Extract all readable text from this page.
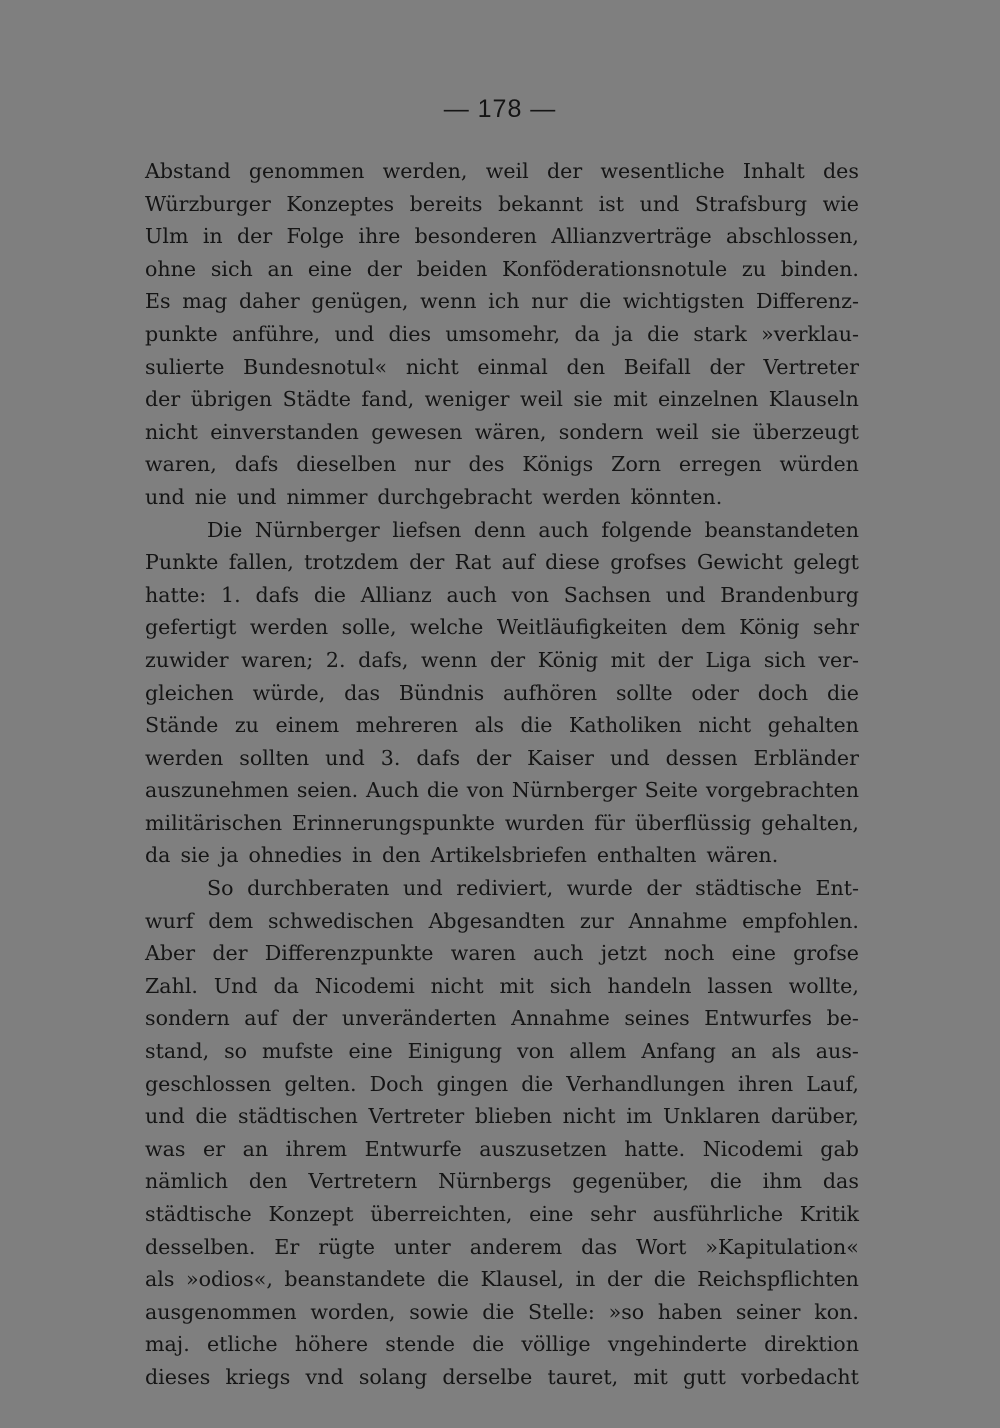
— 178 —
Abstand genommen werden, weil der wesentliche Inhalt des
Würzburger Konzeptes bereits bekannt ist und Strafsburg wie
Ulm in der Folge ihre besonderen Allianzverträge abschlossen,
ohne sich an eine der beiden Konföderationsnotule zu binden.
Es mag daher genügen, wenn ich nur die wichtigsten Differenz-
punkte anführe, und dies umsomehr, da ja die stark »verklau-
sulierte Bundesnotul« nicht einmal den Beifall der Vertreter
der übrigen Städte fand, weniger weil sie mit einzelnen Klauseln
nicht einverstanden gewesen wären, sondern weil sie überzeugt
waren, dafs dieselben nur des Königs Zorn erregen würden
und nie und nimmer durchgebracht werden könnten.
Die Nürnberger liefsen denn auch folgende beanstandeten
Punkte fallen, trotzdem der Rat auf diese grofses Gewicht gelegt
hatte: 1. dafs die Allianz auch von Sachsen und Brandenburg
gefertigt werden solle, welche Weitläufigkeiten dem König sehr
zuwider waren; 2. dafs, wenn der König mit der Liga sich ver-
gleichen würde, das Bündnis aufhören sollte oder doch die
Stände zu einem mehreren als die Katholiken nicht gehalten
werden sollten und 3. dafs der Kaiser und dessen Erbländer
auszunehmen seien. Auch die von Nürnberger Seite vorgebrachten
militärischen Erinnerungspunkte wurden für überflüssig gehalten,
da sie ja ohnedies in den Artikelsbriefen enthalten wären.
So durchberaten und rediviert, wurde der städtische Ent-
wurf dem schwedischen Abgesandten zur Annahme empfohlen.
Aber der Differenzpunkte waren auch jetzt noch eine grofse
Zahl. Und da Nicodemi nicht mit sich handeln lassen wollte,
sondern auf der unveränderten Annahme seines Entwurfes be-
stand, so mufste eine Einigung von allem Anfang an als aus-
geschlossen gelten. Doch gingen die Verhandlungen ihren Lauf,
und die städtischen Vertreter blieben nicht im Unklaren darüber,
was er an ihrem Entwurfe auszusetzen hatte. Nicodemi gab
nämlich den Vertretern Nürnbergs gegenüber, die ihm das
städtische Konzept überreichten, eine sehr ausführliche Kritik
desselben. Er rügte unter anderem das Wort »Kapitulation«
als »odios«, beanstandete die Klausel, in der die Reichspflichten
ausgenommen worden, sowie die Stelle: »so haben seiner kon.
maj. etliche höhere stende die völlige vngehinderte direktion
dieses kriegs vnd solang derselbe tauret, mit gutt vorbedacht
